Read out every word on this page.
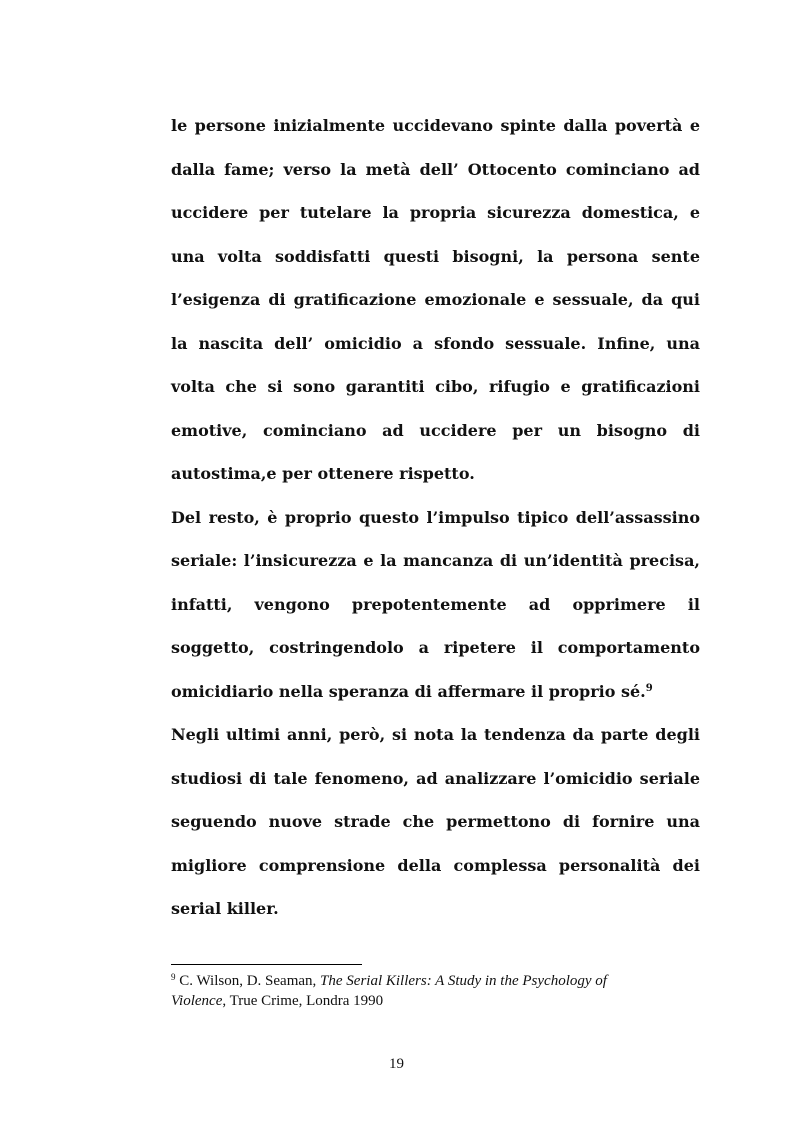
le persone inizialmente uccidevano spinte dalla povertà e
dalla fame; verso la metà dell’ Ottocento cominciano ad
uccidere per tutelare la propria sicurezza domestica, e
una volta soddisfatti questi bisogni, la persona sente
l’esigenza di gratificazione emozionale e sessuale, da qui
la nascita dell’ omicidio a sfondo sessuale. Infine, una
volta che si sono garantiti cibo, rifugio e gratificazioni
emotive, cominciano ad uccidere per un bisogno di
autostima,e per ottenere rispetto.
Del resto, è proprio questo l’impulso tipico dell’assassino
seriale: l’insicurezza e la mancanza di un’identità precisa,
infatti, vengono prepotentemente ad opprimere il
soggetto, costringendolo a ripetere il comportamento
omicidiario nella speranza di affermare il proprio sé.$^9$
Negli ultimi anni, però, si nota la tendenza da parte degli
studiosi di tale fenomeno, ad analizzare l’omicidio seriale
seguendo nuove strade che permettono di fornire una
migliore comprensione della complessa personalità dei
serial killer.
$^9$ C. Wilson, D. Seaman, The Serial Killers: A Study in the Psychology of
Violence, True Crime, Londra 1990
19
